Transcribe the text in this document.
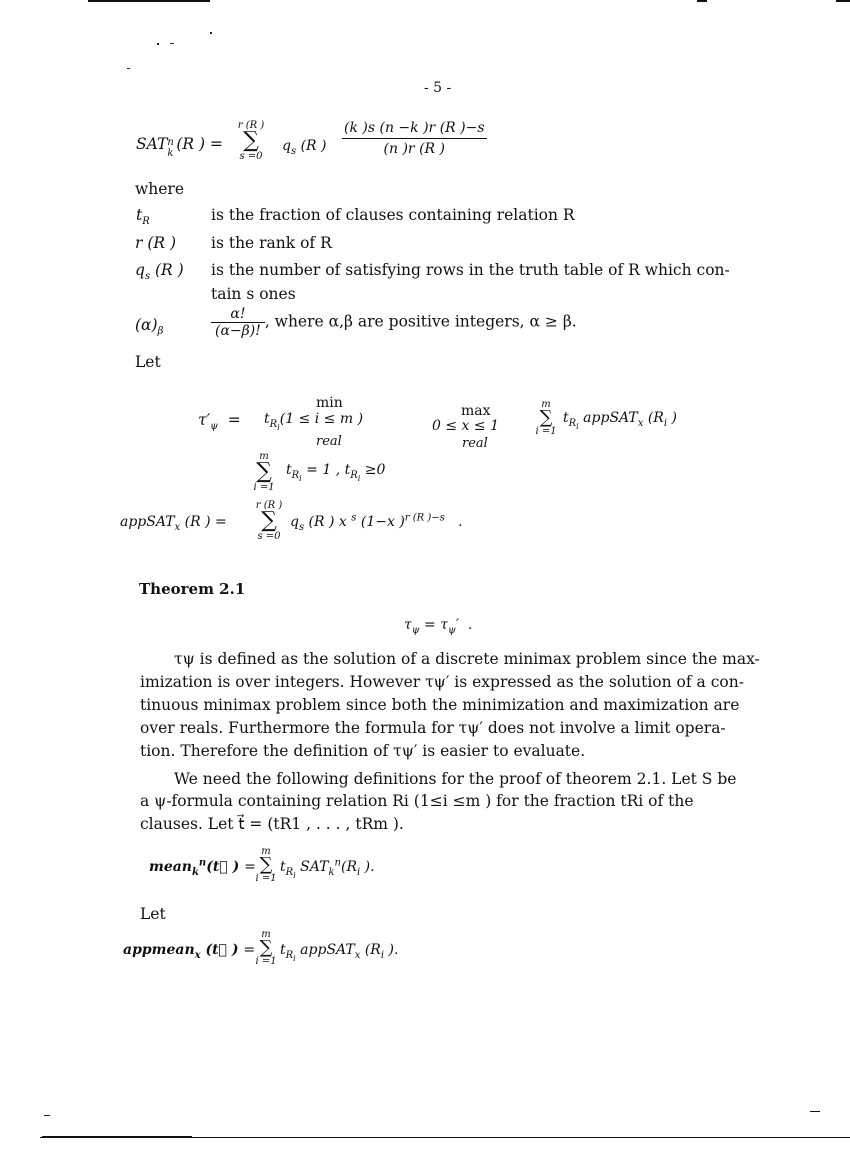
- 5 -
SAT n
k
(R ) =
r (R )
∑
s =0
$q_s$ (R ) $\frac{(k )s (n -k )r (R )-s}{(n )r (R )}$
where
$t_R$	is the fraction of clauses containing relation R
r (R ) is the rank of R
$q_s$ (R ) is the number of satisfying rows in the truth table of R which con-
tain s ones
$(\alpha)_\beta$	$\frac{\alpha!}{(\alpha-\beta)!}$ , where α,β are positive integers, α ≥ β.
Let
$\tau'_\psi$  =
min
$t_{R_i}(1 \le i \le m$ )
real
max
0 ≤ x ≤ 1
real
m
∑
i =1
$t_{R_i}$ appSAT$_x$ ($R_i$ )
m
∑
i =1
$t_{R_i} = 1$ , $t_{R_i} \ge 0$
appSAT$_x$ (R ) =
r (R )
∑
s =0
$q_s$ (R ) x $^s$ (1−x )$^{r (R )-s}$   .
Theorem 2.1
$\tau_\psi = \tau_\psi'$  .
τψ is defined as the solution of a discrete minimax problem since the max-
imization is over integers. However τψ′ is expressed as the solution of a con-
tinuous minimax problem since both the minimization and maximization are
over reals. Furthermore the formula for τψ′ does not involve a limit opera-
tion. Therefore the definition of τψ′ is easier to evaluate.
We need the following definitions for the proof of theorem 2.1. Let S be
a ψ-formula containing relation Ri (1≤i ≤m ) for the fraction tRi of the
clauses. Let t⃗ = (tR1 , . . . , tRm ).
mean$_k^n$(t⃗ ) =
m
∑
i =1
$t_{R_i}$ $SAT_k^n(R_i$ ).
Let
appmean$_x$ (t⃗ ) =
m
∑
i =1
$t_{R_i}$ appSAT$_x$ ($R_i$ ).
